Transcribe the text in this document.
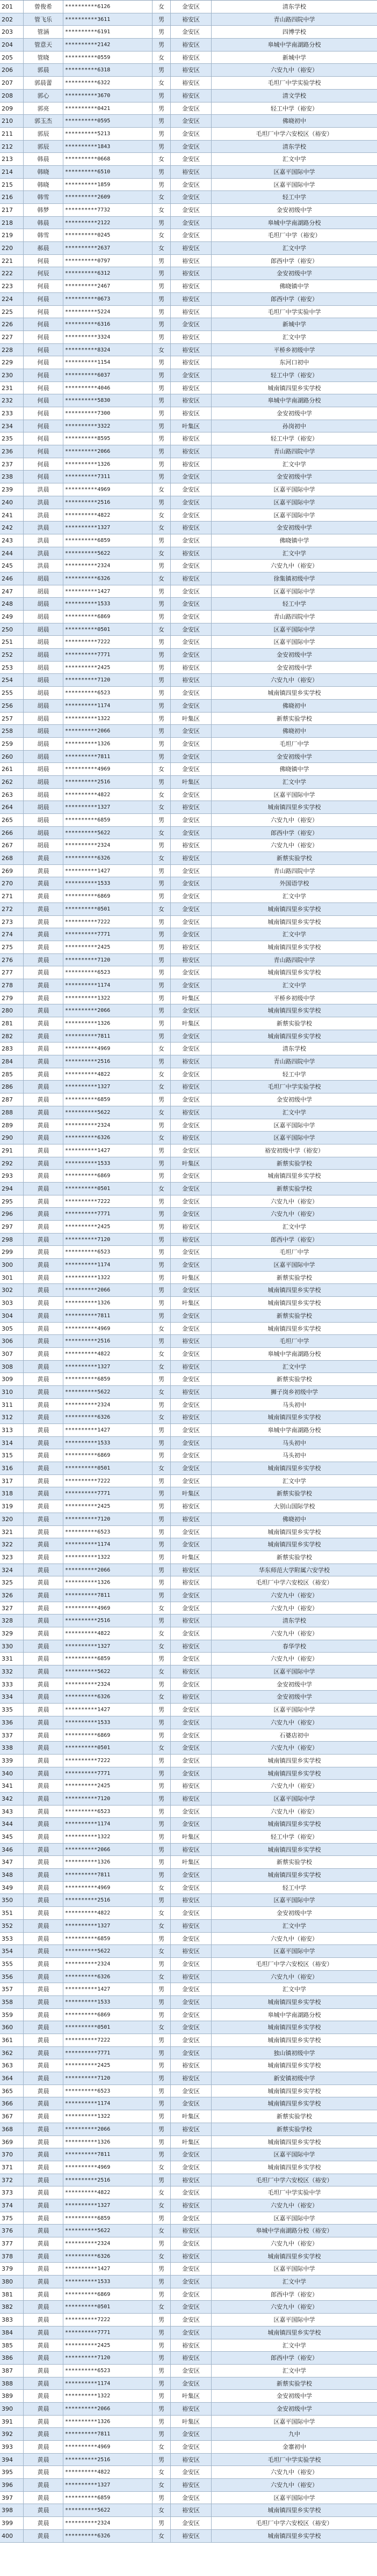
201	曾俊希	**********6126	女	金安区	清东学校
202	管飞乐	**********3611	男	裕安区	青山路四院中学
203	管涵	**********6191	男	金安区	四博学校
204	管意天	**********2142	男	裕安区	皋城中学南湖路分校
205	管晓	**********0559	女	裕安区	新城中学
206	郭晨	**********6318	男	裕安区	六安九中（裕安）
207	郭晨蕾	**********6322	女	裕安区	毛坦厂中学实验学校
208	郭心	**********3670	男	裕安区	清文学校
209	郭亮	**********0421	男	金安区	轻工中学（裕安）
210	郭玉杰	**********0595	男	金安区	佛晓初中
211	郭辰	**********5213	男	金安区	毛坦厂中学六安校区（裕安）
212	郭辰	**********1843	男	金安区	清东学校
213	韩晨	**********0668	女	金安区	汇文中学
214	韩晓	**********6510	男	裕安区	区嘉平国际中学
215	韩晓	**********1859	男	金安区	区嘉平国际中学
216	韩雪	**********2609	女	金安区	轻工中学
217	韩梦	**********7732	女	金安区	金安初级中学
218	韩晨	**********2122	男	金安区	皋城中学南湖路分校
219	韩雪	**********0245	女	金安区	毛坦厂中学（裕安）
220	郝晨	**********2637	女	裕安区	汇文中学
221	何晨	**********0797	男	裕安区	郎西中学（裕安）
222	何辰	**********6312	男	裕安区	金安初级中学
223	何晨	**********2467	男	裕安区	佛晓镇中学
224	何晨	**********0673	男	裕安区	郎西中学（裕安）
225	何晨	**********5224	男	裕安区	毛坦厂中学实验中学
226	何晨	**********6316	男	金安区	新城中学
227	何晨	**********3324	男	裕安区	汇文中学
228	何晨	**********8324	女	裕安区	平桥乡初级中学
229	何晨	**********1154	男	裕安区	东河口初中
230	何晨	**********6037	男	金安区	轻工中学（裕安）
231	何晨	**********4046	男	裕安区	城南镇四里乡实学校
232	何晨	**********5830	男	裕安区	皋城中学南湖路分校
233	何晨	**********7300	男	裕安区	金安初级中学
234	何晨	**********3322	男	叶集区	孙岗初中
235	何晨	**********8595	男	裕安区	轻工中学（裕安）
236	何晨	**********2066	男	裕安区	青山路四院中学
237	何晨	**********1326	男	裕安区	汇文中学
238	何晨	**********7311	男	金安区	金安初级中学
239	洪晨	**********4969	女	金安区	区嘉平国际中学
240	洪晨	**********2516	男	金安区	区嘉平国际中学
241	洪晨	**********4822	女	金安区	区嘉平国际中学
242	洪晨	**********1327	女	裕安区	金安初级中学
243	洪晨	**********6859	男	金安区	佛晓镇中学
244	洪晨	**********5622	女	裕安区	汇文中学
245	洪晨	**********2324	男	金安区	六安九中（裕安）
246	胡晨	**********6326	女	裕安区	徐集镇初级中学
247	胡晨	**********1427	男	金安区	区嘉平国际中学
248	胡晨	**********1533	男	金安区	轻工中学
249	胡晨	**********6869	男	金安区	青山路四院中学
250	胡晨	**********0501	女	金安区	区嘉平国际中学
251	胡晨	**********7222	男	金安区	区嘉平国际中学
252	胡晨	**********7771	男	金安区	金安初级中学
253	胡晨	**********2425	男	裕安区	金安初级中学
254	胡晨	**********7120	男	裕安区	六安九中（裕安）
255	胡晨	**********6523	男	金安区	城南镇四里乡实学校
256	胡晨	**********1174	男	金安区	佛晓初中
257	胡晨	**********1322	男	叶集区	新蔡实验学校
258	胡晨	**********2066	男	金安区	佛晓初中
259	胡晨	**********1326	男	金安区	毛坦厂中学
260	胡晨	**********7811	男	金安区	金安初级中学
261	胡晨	**********4969	女	金安区	佛晓镇中学
262	胡晨	**********2516	男	叶集区	汇文中学
263	胡晨	**********4822	女	金安区	区嘉平国际中学
264	胡晨	**********1327	女	裕安区	城南镇四里乡实学校
265	胡晨	**********6859	男	金安区	六安九中（裕安）
266	胡晨	**********5622	女	金安区	郎西中学（裕安）
267	胡晨	**********2324	男	裕安区	六安九中（裕安）
268	黄晨	**********6326	女	裕安区	新蔡实验学校
269	黄晨	**********1427	男	金安区	青山路四院中学
270	黄晨	**********1533	男	金安区	外国语学校
271	黄晨	**********6869	男	金安区	汇文中学
272	黄晨	**********0501	女	金安区	城南镇四里乡实学校
273	黄晨	**********7222	男	金安区	城南镇四里乡实学校
274	黄晨	**********7771	男	金安区	汇文中学
275	黄晨	**********2425	男	裕安区	城南镇四里乡实学校
276	黄晨	**********7120	男	裕安区	青山路四院中学
277	黄晨	**********6523	男	金安区	城南镇四里乡实学校
278	黄晨	**********1174	男	金安区	汇文中学
279	黄晨	**********1322	男	叶集区	平桥乡初级中学
280	黄晨	**********2066	男	金安区	城南镇四里乡实学校
281	黄晨	**********1326	男	叶集区	新蔡实验学校
282	黄晨	**********7811	男	金安区	城南镇四里乡实学校
283	黄晨	**********4969	女	金安区	清东学校
284	黄晨	**********2516	男	裕安区	青山路四院中学
285	黄晨	**********4822	女	金安区	轻工中学
286	黄晨	**********1327	女	裕安区	毛坦厂中学实验学校
287	黄晨	**********6859	男	金安区	金安初级中学
288	黄晨	**********5622	女	裕安区	汇文中学
289	黄晨	**********2324	男	金安区	区嘉平国际中学
290	黄晨	**********6326	女	裕安区	区嘉平国际中学
291	黄晨	**********1427	男	金安区	裕安初级中学（裕安）
292	黄晨	**********1533	男	叶集区	新蔡实验学校
293	黄晨	**********6869	男	金安区	城南镇四里乡实学校
294	黄晨	**********0501	女	金安区	新蔡实验学校
295	黄晨	**********7222	男	金安区	六安九中（裕安）
296	黄晨	**********7771	男	金安区	六安九中（裕安）
297	黄晨	**********2425	男	裕安区	汇文中学
298	黄晨	**********7120	男	裕安区	郎西中学（裕安）
299	黄晨	**********6523	男	金安区	毛坦厂中学
300	黄晨	**********1174	男	金安区	区嘉平国际中学
301	黄晨	**********1322	男	叶集区	新蔡实验学校
302	黄晨	**********2066	男	金安区	城南镇四里乡实学校
303	黄晨	**********1326	男	叶集区	城南镇四里乡实学校
304	黄晨	**********7811	男	金安区	新蔡实验学校
305	黄晨	**********4969	女	金安区	城南镇四里乡实学校
306	黄晨	**********2516	男	裕安区	毛坦厂中学
307	黄晨	**********4822	女	金安区	皋城中学南湖路分校
308	黄晨	**********1327	女	裕安区	汇文中学
309	黄晨	**********6859	男	金安区	新蔡实验学校
310	黄晨	**********5622	女	裕安区	狮子岗乡初级中学
311	黄晨	**********2324	男	金安区	马头初中
312	黄晨	**********6326	女	裕安区	城南镇四里乡实学校
313	黄晨	**********1427	男	金安区	皋城中学南湖路分校
314	黄晨	**********1533	男	金安区	马头初中
315	黄晨	**********6869	男	金安区	马头初中
316	黄晨	**********0501	女	金安区	城南镇四里乡实学校
317	黄晨	**********7222	男	金安区	汇文中学
318	黄晨	**********7771	男	叶集区	新蔡实验学校
319	黄晨	**********2425	男	裕安区	大别山国际学校
320	黄晨	**********7120	男	裕安区	佛晓初中
321	黄晨	**********6523	男	金安区	城南镇四里乡实学校
322	黄晨	**********1174	男	金安区	城南镇四里乡实学校
323	黄晨	**********1322	男	叶集区	新蔡实验学校
324	黄晨	**********2066	男	裕安区	华东师范大学附属六安学校
325	黄晨	**********1326	男	裕安区	毛坦厂中学六安校区（裕安）
326	黄晨	**********7811	男	金安区	六安九中（裕安）
327	黄晨	**********4969	女	金安区	六安九中（裕安）
328	黄晨	**********2516	男	裕安区	清东学校
329	黄晨	**********4822	女	金安区	六安九中（裕安）
330	黄晨	**********1327	女	裕安区	春华学校
331	黄晨	**********6859	男	金安区	六安九中（裕安）
332	黄晨	**********5622	女	裕安区	区嘉平国际中学
333	黄晨	**********2324	男	金安区	金安初级中学
334	黄晨	**********6326	女	裕安区	金安初级中学
335	黄晨	**********1427	男	金安区	区嘉平国际中学
336	黄晨	**********1533	男	金安区	六安九中（裕安）
337	黄晨	**********6869	男	金安区	石婆店初中
338	黄晨	**********0501	女	金安区	六安九中（裕安）
339	黄晨	**********7222	男	金安区	城南镇四里乡实学校
340	黄晨	**********7771	男	金安区	城南镇四里乡实学校
341	黄晨	**********2425	男	裕安区	六安九中（裕安）
342	黄晨	**********7120	男	裕安区	区嘉平国际中学
343	黄晨	**********6523	男	金安区	六安九中（裕安）
344	黄晨	**********1174	男	金安区	城南镇四里乡实学校
345	黄晨	**********1322	男	叶集区	轻工中学（裕安）
346	黄晨	**********2066	男	裕安区	城南镇四里乡实学校
347	黄晨	**********1326	男	叶集区	新蔡实验学校
348	黄晨	**********7811	男	金安区	城南镇四里乡实学校
349	黄晨	**********4969	女	金安区	轻工中学
350	黄晨	**********2516	男	裕安区	区嘉平国际中学
351	黄晨	**********4822	女	金安区	金安初级中学
352	黄晨	**********1327	女	裕安区	汇文中学
353	黄晨	**********6859	男	金安区	六安九中（裕安）
354	黄晨	**********5622	女	裕安区	区嘉平国际中学
355	黄晨	**********2324	男	金安区	毛坦厂中学六安校区（裕安）
356	黄晨	**********6326	女	裕安区	六安九中（裕安）
357	黄晨	**********1427	男	金安区	汇文中学
358	黄晨	**********1533	男	金安区	城南镇四里乡实学校
359	黄晨	**********6869	男	金安区	皋城中学南湖路分校
360	黄晨	**********0501	女	金安区	城南镇四里乡实学校
361	黄晨	**********7222	男	金安区	城南镇四里乡实学校
362	黄晨	**********7771	男	金安区	独山镇初级中学
363	黄晨	**********2425	男	裕安区	城南镇四里乡实学校
364	黄晨	**********7120	男	裕安区	新安镇初级中学
365	黄晨	**********6523	男	金安区	城南镇四里乡实学校
366	黄晨	**********1174	男	金安区	城南镇四里乡实学校
367	黄晨	**********1322	男	叶集区	新蔡实验学校
368	黄晨	**********2066	男	裕安区	新蔡实验学校
369	黄晨	**********1326	男	叶集区	城南镇四里乡实学校
370	黄晨	**********7811	男	金安区	区嘉平国际中学
371	黄晨	**********4969	女	金安区	城南镇四里乡实学校
372	黄晨	**********2516	男	裕安区	毛坦厂中学六安校区（裕安）
373	黄晨	**********4822	女	金安区	毛坦厂中学实验中学
374	黄晨	**********1327	女	裕安区	六安九中（裕安）
375	黄晨	**********6859	男	金安区	区嘉平国际中学
376	黄晨	**********5622	女	裕安区	皋城中学南湖路分校（裕安）
377	黄晨	**********2324	男	金安区	六安九中（裕安）
378	黄晨	**********6326	女	裕安区	城南镇四里乡实学校
379	黄晨	**********1427	男	金安区	区嘉平国际中学
380	黄晨	**********1533	男	金安区	汇文中学
381	黄晨	**********6869	男	金安区	郎西中学（裕安）
382	黄晨	**********0501	女	金安区	六安九中（裕安）
383	黄晨	**********7222	男	金安区	区嘉平国际中学
384	黄晨	**********7771	男	金安区	城南镇四里乡实学校
385	黄晨	**********2425	男	裕安区	汇文中学
386	黄晨	**********7120	男	裕安区	郎西中学（裕安）
387	黄晨	**********6523	男	金安区	汇文中学
388	黄晨	**********1174	男	金安区	新蔡实验学校
389	黄晨	**********1322	男	叶集区	金安初级中学
390	黄晨	**********2066	男	裕安区	金安初级中学
391	黄晨	**********1326	男	叶集区	区嘉平国际中学
392	黄晨	**********7811	男	金安区	九中
393	黄晨	**********4969	女	金安区	金寨初中
394	黄晨	**********2516	男	裕安区	毛坦厂中学实验学校
395	黄晨	**********4822	女	金安区	六安九中（裕安）
396	黄晨	**********1327	女	裕安区	六安九中（裕安）
397	黄晨	**********6859	男	金安区	区嘉平国际中学
398	黄晨	**********5622	女	裕安区	城南镇四里乡实学校
399	黄晨	**********2324	男	金安区	毛坦厂中学六安校区（裕安）
400	黄晨	**********6326	女	裕安区	城南镇四里乡实学校
